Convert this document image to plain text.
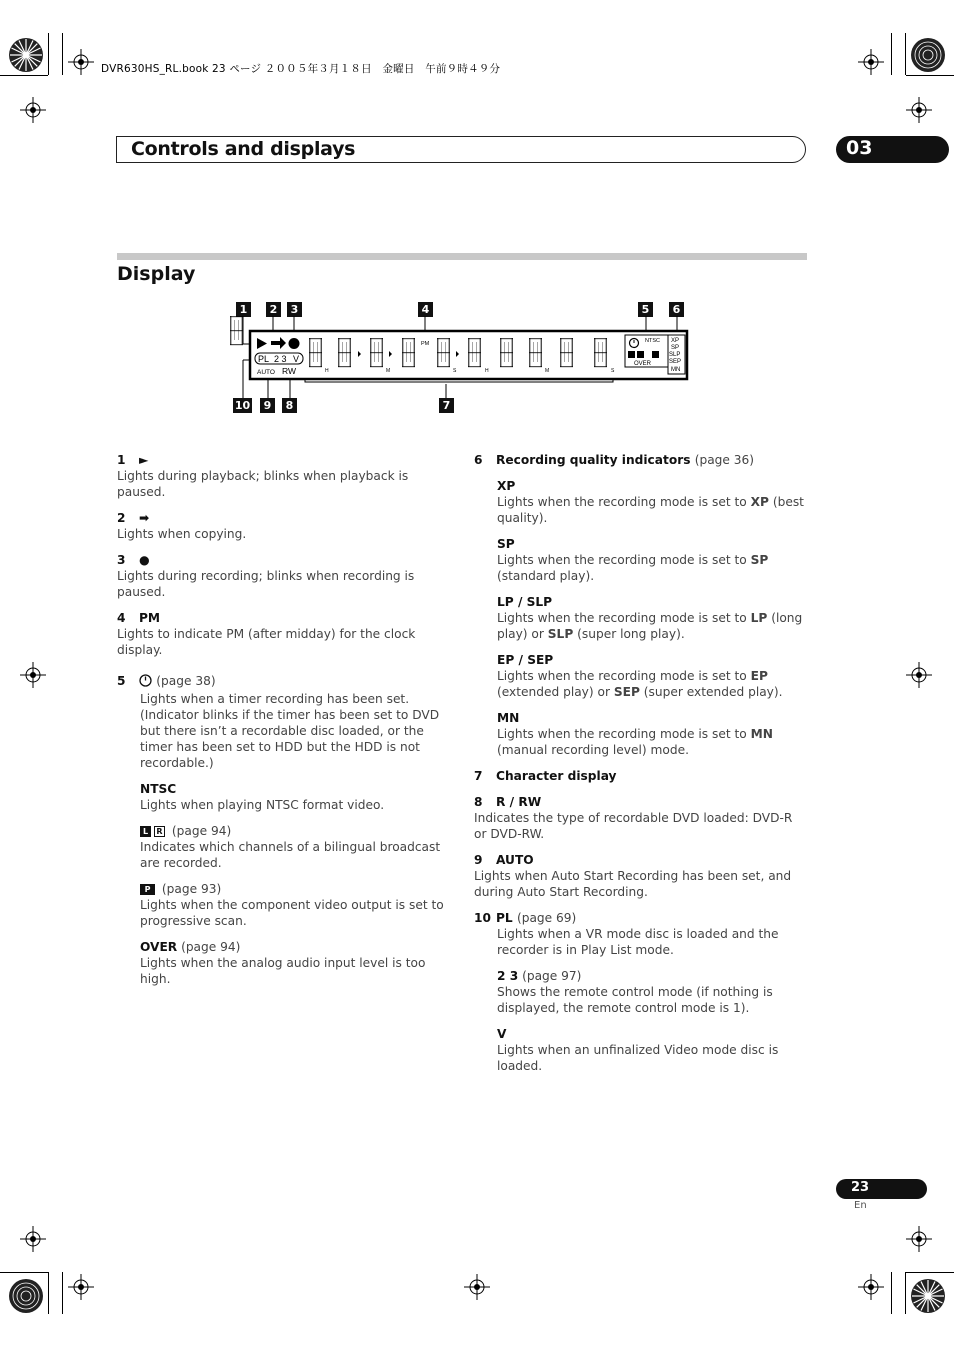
DVR630HS_RL.book 23 ページ ２００５年３月１８日　金曜日　午前９時４９分
Controls and displays	03
Display
1	2	3	4	5	6
10	9	8	7
PL 2 3 V
AUTO RW
PM
H	M	S	H	M	S
NTSC
OVER
XP
SP
SLP
SEP
MN
1 ►

Lights during playback; blinks when playback is paused.

2 ➡

Lights when copying.

3 ●

Lights during recording; blinks when recording is paused.

4 PM

Lights to indicate PM (after midday) for the clock display.

5	(page 38)

Lights when a timer recording has been set. (Indicator blinks if the timer has been set to DVD but there isn’t a recordable disc loaded, or the timer has been set to HDD but the HDD is not recordable.)

NTSC

Lights when playing NTSC format video.

L R (page 94)

Indicates which channels of a bilingual broadcast are recorded.

P (page 93)

Lights when the component video output is set to progressive scan.

OVER (page 94)

Lights when the analog audio input level is too high.

6 Recording quality indicators (page 36)
XP

Lights when the recording mode is set to XP (best quality).

SP

Lights when the recording mode is set to SP (standard play).

LP / SLP

Lights when the recording mode is set to LP (long play) or SLP (super long play).

EP / SEP

Lights when the recording mode is set to EP (extended play) or SEP (super extended play).

MN

Lights when the recording mode is set to MN (manual recording level) mode.

7 Character display
8 R / RW

Indicates the type of recordable DVD loaded: DVD-R or DVD-RW.

9 AUTO

Lights when Auto Start Recording has been set, and during Auto Start Recording.

10 PL (page 69)

Lights when a VR mode disc is loaded and the recorder is in Play List mode.

2 3 (page 97)

Shows the remote control mode (if nothing is displayed, the remote control mode is 1).

V

Lights when an unfinalized Video mode disc is loaded.

23
En
